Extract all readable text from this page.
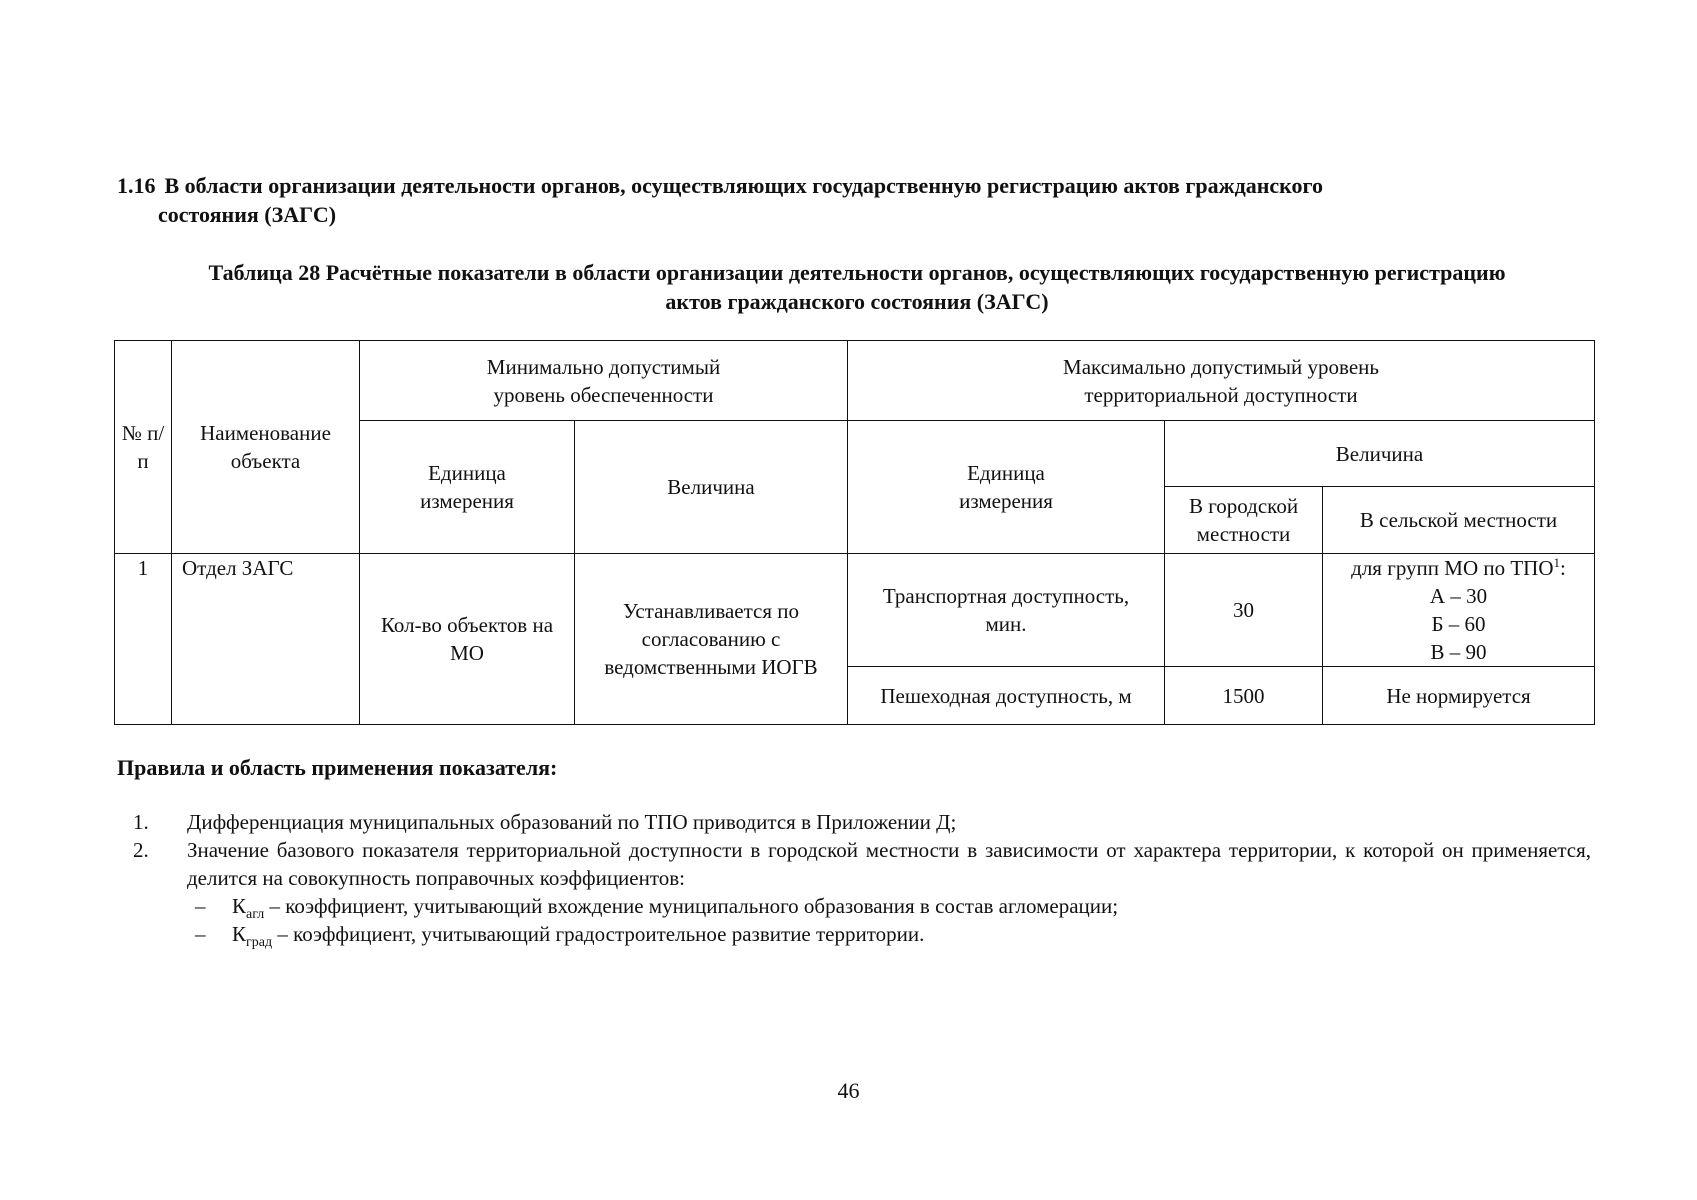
1.16 В области организации деятельности органов, осуществляющих государственную регистрацию актов гражданского
состояния (ЗАГС)
Таблица 28 Расчётные показатели в области организации деятельности органов, осуществляющих государственную регистрацию
актов гражданского состояния (ЗАГС)
№ п/п	Наименование объекта	Минимально допустимый уровень обеспеченности		Максимально допустимый уровень территориальной доступности		
		Единица измерения	Величина	Единица измерения	Величина	
					В городской местности	В сельской местности
1	Отдел ЗАГС	Кол-во объектов на МО	Устанавливается по согласованию с ведомственными ИОГВ	Транспортная доступность, мин.	30	для групп МО по ТПО$^1$:
А – 30
Б – 60
В – 90

				Пешеходная доступность, м	1500	Не нормируется
Правила и область применения показателя:
1.	Дифференциация муниципальных образований по ТПО приводится в Приложении Д;
2.	Значение базового показателя территориальной доступности в городской местности в зависимости от характера территории, к которой он применяется, делится на совокупность поправочных коэффициентов:
–	$К_{агл}$ – коэффициент, учитывающий вхождение муниципального образования в состав агломерации;
–	$К_{град}$ – коэффициент, учитывающий градостроительное развитие территории.
46
